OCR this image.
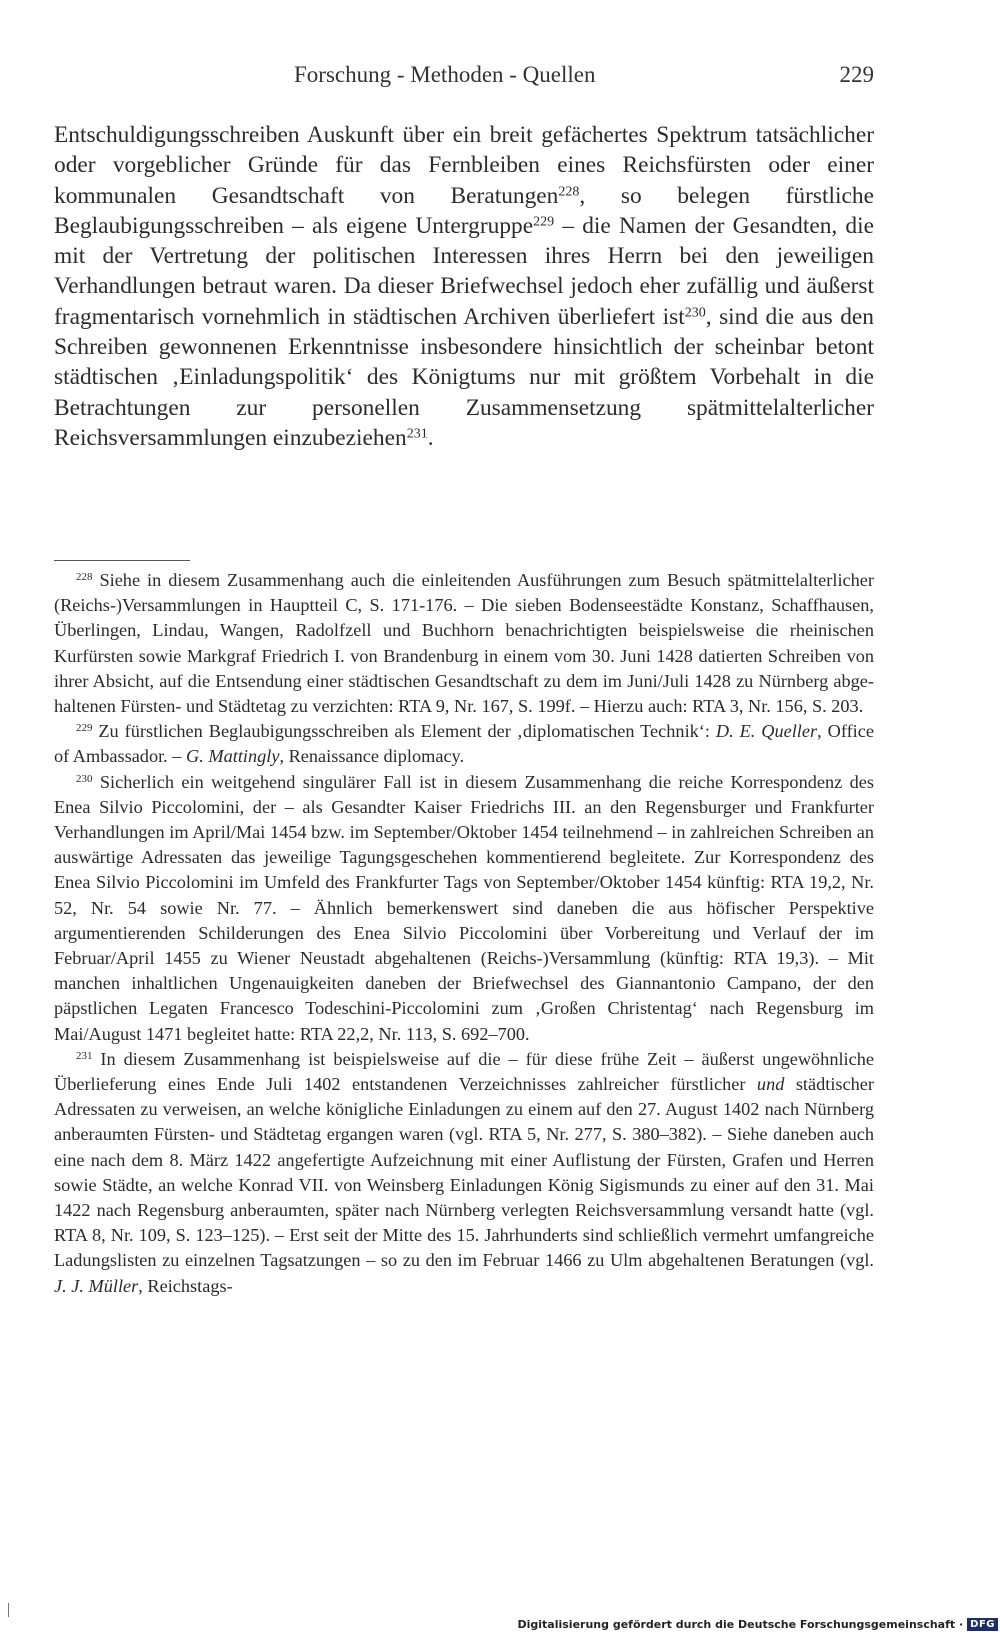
Forschung - Methoden - Quellen	229
Entschuldigungsschreiben Auskunft über ein breit gefächertes Spektrum tatsächlicher oder vorgeblicher Gründe für das Fernbleiben eines Reichsfürsten oder einer kommunalen Gesandtschaft von Beratungen$^{228}$, so belegen fürstliche Beglaubigungsschreiben – als eigene Untergruppe$^{229}$ – die Namen der Gesandten, die mit der Vertretung der politischen Interessen ihres Herrn bei den jeweiligen Verhandlungen betraut waren. Da dieser Briefwechsel jedoch eher zufällig und äußerst fragmentarisch vornehmlich in städtischen Archiven überliefert ist$^{230}$, sind die aus den Schreiben gewonnenen Erkenntnisse insbesondere hinsichtlich der scheinbar betont städtischen ‚Einladungspolitik‘ des Königtums nur mit größtem Vorbehalt in die Betrachtungen zur personellen Zusammensetzung spätmittelalterlicher Reichsversammlungen einzubeziehen$^{231}$.

$^{228}$ Siehe in diesem Zusammenhang auch die einleitenden Ausführungen zum Besuch spätmittelalterlicher (Reichs-)Versammlungen in Hauptteil C, S. 171-176. – Die sieben Bodenseestädte Konstanz, Schaffhausen, Überlingen, Lindau, Wangen, Radolfzell und Buchhorn benachrichtigten beispielsweise die rheinischen Kurfürsten sowie Markgraf Friedrich I. von Brandenburg in einem vom 30. Juni 1428 datierten Schreiben von ihrer Absicht, auf die Entsendung einer städtischen Gesandtschaft zu dem im Juni/Juli 1428 zu Nürnberg abgehaltenen Fürsten- und Städtetag zu verzichten: RTA 9, Nr. 167, S. 199f. – Hierzu auch: RTA 3, Nr. 156, S. 203.

$^{229}$ Zu fürstlichen Beglaubigungsschreiben als Element der ‚diplomatischen Technik‘: D. E. Queller, Office of Ambassador. – G. Mattingly, Renaissance diplomacy.

$^{230}$ Sicherlich ein weitgehend singulärer Fall ist in diesem Zusammenhang die reiche Korrespondenz des Enea Silvio Piccolomini, der – als Gesandter Kaiser Friedrichs III. an den Regensburger und Frankfurter Verhandlungen im April/Mai 1454 bzw. im September/Oktober 1454 teilnehmend – in zahlreichen Schreiben an auswärtige Adressaten das jeweilige Tagungsgeschehen kommentierend begleitete. Zur Korrespondenz des Enea Silvio Piccolomini im Umfeld des Frankfurter Tags von September/Oktober 1454 künftig: RTA 19,2, Nr. 52, Nr. 54 sowie Nr. 77. – Ähnlich bemerkenswert sind daneben die aus höfischer Perspektive argumentierenden Schilderungen des Enea Silvio Piccolomini über Vorbereitung und Verlauf der im Februar/April 1455 zu Wiener Neustadt abgehaltenen (Reichs-)Versammlung (künftig: RTA 19,3). – Mit manchen inhaltlichen Ungenauigkeiten daneben der Briefwechsel des Giannantonio Campano, der den päpstlichen Legaten Francesco Todeschini-Piccolomini zum ‚Großen Christentag‘ nach Regensburg im Mai/August 1471 begleitet hatte: RTA 22,2, Nr. 113, S. 692–700.

$^{231}$ In diesem Zusammenhang ist beispielsweise auf die – für diese frühe Zeit – äußerst ungewöhnliche Überlieferung eines Ende Juli 1402 entstandenen Verzeichnisses zahlreicher fürstlicher und städtischer Adressaten zu verweisen, an welche königliche Einladungen zu einem auf den 27. August 1402 nach Nürnberg anberaumten Fürsten- und Städtetag ergangen waren (vgl. RTA 5, Nr. 277, S. 380–382). – Siehe daneben auch eine nach dem 8. März 1422 angefertigte Aufzeichnung mit einer Auflistung der Fürsten, Grafen und Herren sowie Städte, an welche Konrad VII. von Weinsberg Einladungen König Sigismunds zu einer auf den 31. Mai 1422 nach Regensburg anberaumten, später nach Nürnberg verlegten Reichsversammlung versandt hatte (vgl. RTA 8, Nr. 109, S. 123–125). – Erst seit der Mitte des 15. Jahrhunderts sind schließlich vermehrt umfangreiche Ladungslisten zu einzelnen Tagsatzungen – so zu den im Februar 1466 zu Ulm abgehaltenen Beratungen (vgl. J. J. Müller, Reichstags-

Digitalisierung gefördert durch die Deutsche Forschungsgemeinschaft · DFG
